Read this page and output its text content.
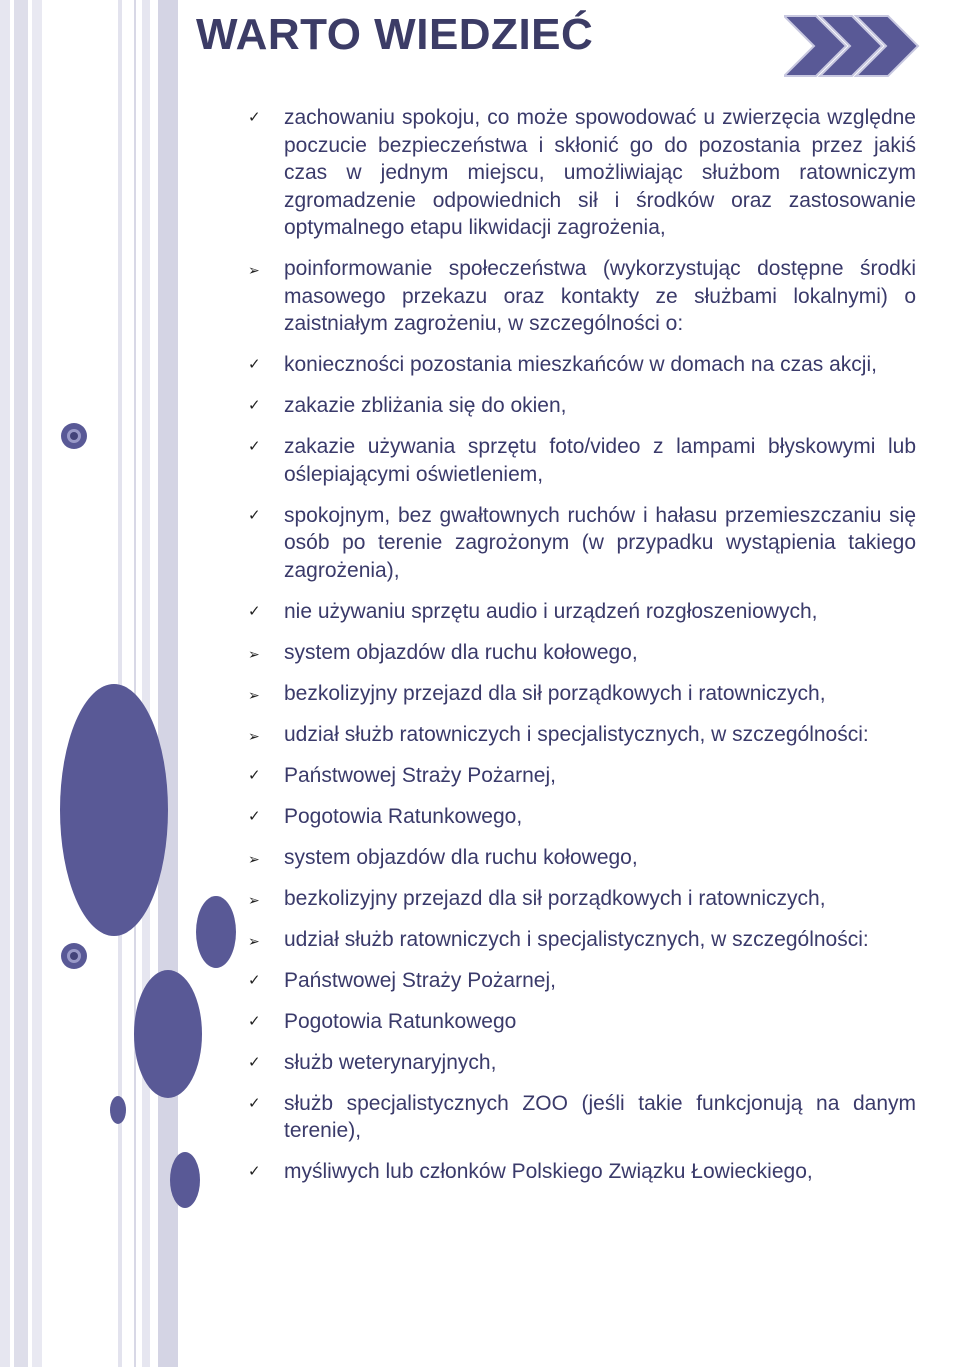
WARTO WIEDZIEĆ
✓	zachowaniu spokoju, co może spowodować u zwierzęcia względne poczucie bezpieczeństwa i skłonić go do pozostania przez jakiś czas w jednym miejscu, umożliwiając służbom ratowniczym zgromadzenie odpowiednich sił i środków oraz zastosowanie optymalnego etapu likwidacji zagrożenia,
➢	poinformowanie społeczeństwa (wykorzystując dostępne środki masowego przekazu oraz kontakty ze służbami lokalnymi) o zaistniałym zagrożeniu, w szczególności o:
✓	konieczności pozostania mieszkańców w domach na czas akcji,
✓	zakazie zbliżania się do okien,
✓	zakazie używania sprzętu foto/video z lampami błyskowymi lub oślepiającymi oświetleniem,
✓	spokojnym, bez gwałtownych ruchów i hałasu przemieszczaniu się osób po terenie zagrożonym (w przypadku wystąpienia takiego zagrożenia),
✓	nie używaniu sprzętu audio i urządzeń rozgłoszeniowych,
➢	system objazdów dla ruchu kołowego,
➢	bezkolizyjny przejazd dla sił porządkowych i ratowniczych,
➢	udział służb ratowniczych i specjalistycznych, w szczególności:
✓	Państwowej Straży Pożarnej,
✓	Pogotowia Ratunkowego,
➢	system objazdów dla ruchu kołowego,
➢	bezkolizyjny przejazd dla sił porządkowych i ratowniczych,
➢	udział służb ratowniczych i specjalistycznych, w szczególności:
✓	Państwowej Straży Pożarnej,
✓	Pogotowia Ratunkowego
✓	służb weterynaryjnych,
✓	służb specjalistycznych ZOO (jeśli takie funkcjonują na danym terenie),
✓	myśliwych lub członków Polskiego Związku Łowieckiego,
